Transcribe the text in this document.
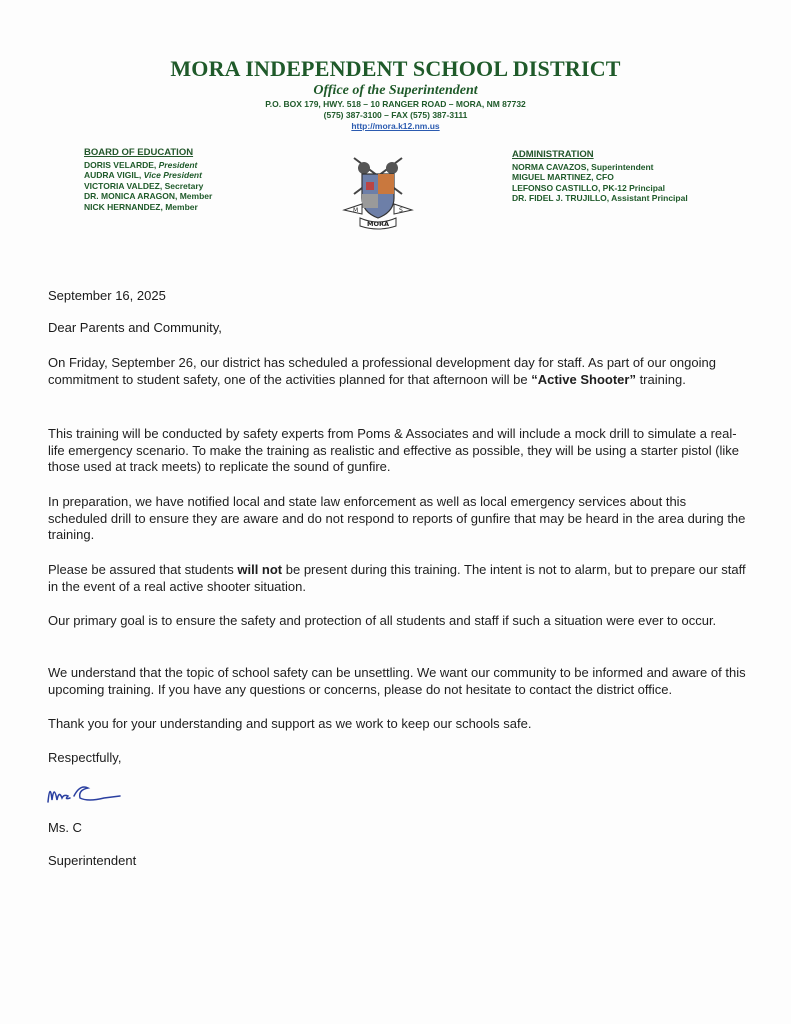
MORA INDEPENDENT SCHOOL DISTRICT
Office of the Superintendent
P.O. BOX 179, HWY. 518 – 10 RANGER ROAD – MORA, NM 87732
(575) 387-3100 – FAX (575) 387-3111
http://mora.k12.nm.us
BOARD OF EDUCATION
DORIS VELARDE, President
AUDRA VIGIL, Vice President
VICTORIA VALDEZ, Secretary
DR. MONICA ARAGON, Member
NICK HERNANDEZ, Member	M	S
MORA
ADMINISTRATION
NORMA CAVAZOS, Superintendent
MIGUEL MARTINEZ, CFO
LEFONSO CASTILLO, PK-12 Principal
DR. FIDEL J. TRUJILLO, Assistant Principal
September 16, 2025
Dear Parents and Community,
On Friday, September 26, our district has scheduled a professional development day for staff. As part of our ongoing commitment to student safety, one of the activities planned for that afternoon will be “Active Shooter” training.
This training will be conducted by safety experts from Poms & Associates and will include a mock drill to simulate a real-life emergency scenario. To make the training as realistic and effective as possible, they will be using a starter pistol (like those used at track meets) to replicate the sound of gunfire.
In preparation, we have notified local and state law enforcement as well as local emergency services about this scheduled drill to ensure they are aware and do not respond to reports of gunfire that may be heard in the area during the training.
Please be assured that students will not be present during this training. The intent is not to alarm, but to prepare our staff in the event of a real active shooter situation.
Our primary goal is to ensure the safety and protection of all students and staff if such a situation were ever to occur.
We understand that the topic of school safety can be unsettling. We want our community to be informed and aware of this upcoming training. If you have any questions or concerns, please do not hesitate to contact the district office.
Thank you for your understanding and support as we work to keep our schools safe.
Respectfully,
Ms. C
Superintendent
